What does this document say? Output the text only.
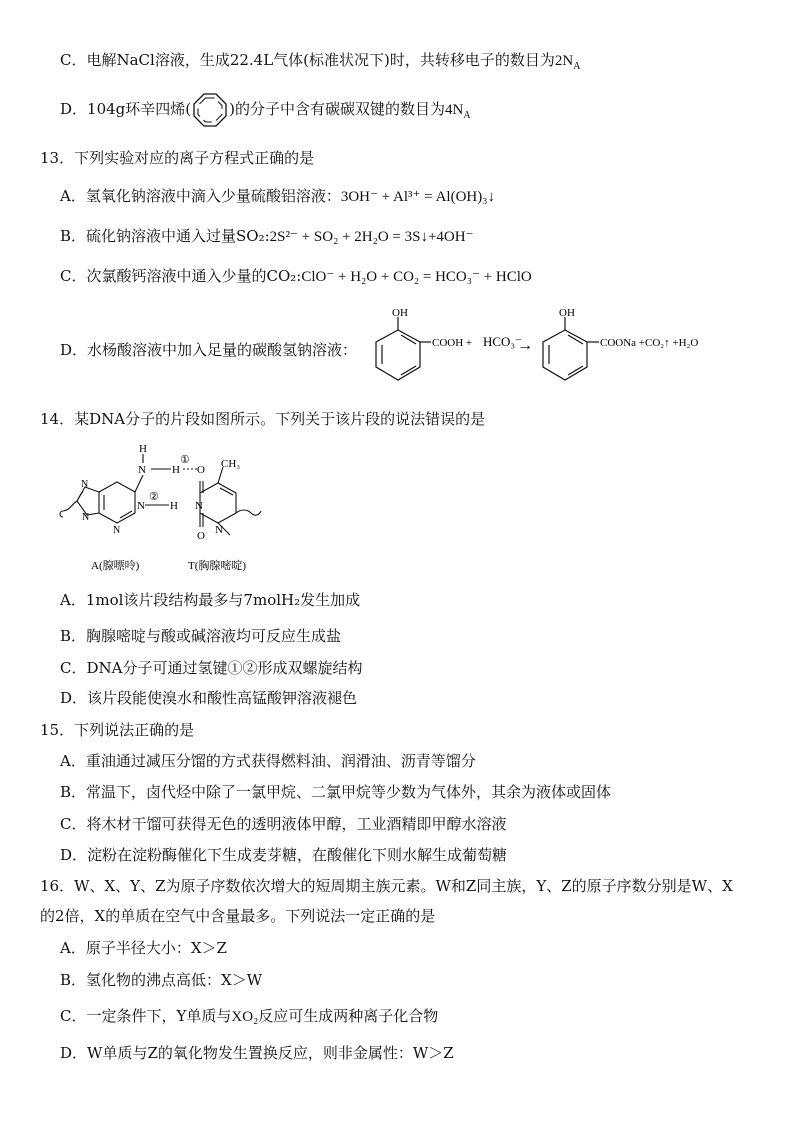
C．电解NaCl溶液，生成22.4L气体(标准状况下)时，共转移电子的数目为$2N_A$
D．104g环辛四烯(	)的分子中含有碳碳双键的数目为$4N_A$
13．下列实验对应的离子方程式正确的是
A．氢氧化钠溶液中滴入少量硫酸铝溶液：3OH⁻ + Al³⁺ = Al(OH)₃↓
B．硫化钠溶液中通入过量SO₂:2S²⁻ + SO₂ + 2H₂O = 3S↓+4OH⁻
C．次氯酸钙溶液中通入少量的CO₂:ClO⁻ + H₂O + CO₂ = HCO₃⁻ + HClO
D．水杨酸溶液中加入足量的碳酸氢钠溶液：
OH
COOH + HCO₃⁻
→
OH
COONa +CO₂↑ +H₂O
14．某DNA分子的片段如图所示。下列关于该片段的说法错误的是
H
N H
①
O CH₃
N
N
N
N
②
H N
N
O
A(腺嘌呤)	T(胸腺嘧啶)
A．1mol该片段结构最多与7molH₂发生加成
B．胸腺嘧啶与酸或碱溶液均可反应生成盐
C．DNA分子可通过氢键①②形成双螺旋结构
D．该片段能使溴水和酸性高锰酸钾溶液褪色
15．下列说法正确的是
A．重油通过减压分馏的方式获得燃料油、润滑油、沥青等馏分
B．常温下，卤代烃中除了一氯甲烷、二氯甲烷等少数为气体外，其余为液体或固体
C．将木材干馏可获得无色的透明液体甲醇，工业酒精即甲醇水溶液
D．淀粉在淀粉酶催化下生成麦芽糖，在酸催化下则水解生成葡萄糖
16．W、X、Y、Z为原子序数依次增大的短周期主族元素。W和Z同主族，Y、Z的原子序数分别是W、X
的2倍，X的单质在空气中含量最多。下列说法一定正确的是
A．原子半径大小：X＞Z
B．氢化物的沸点高低：X＞W
C．一定条件下，Y单质与XO₂反应可生成两种离子化合物
D．W单质与Z的氧化物发生置换反应，则非金属性：W＞Z
